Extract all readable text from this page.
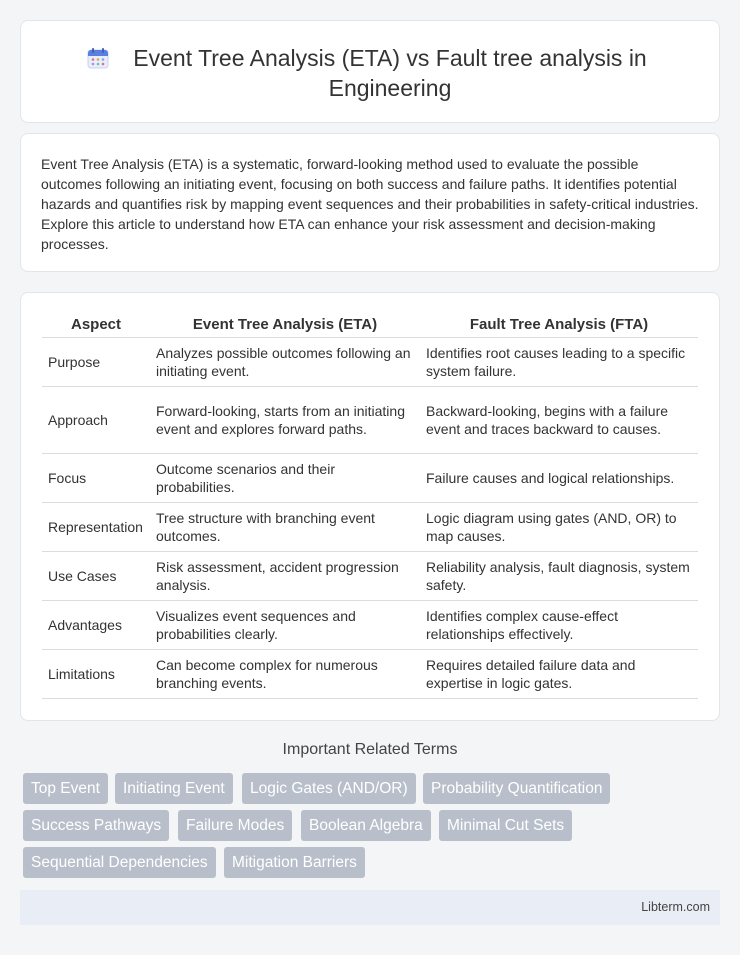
Event Tree Analysis (ETA) vs Fault tree analysis in Engineering

Event Tree Analysis (ETA) is a systematic, forward-looking method used to evaluate the possible outcomes following an initiating event, focusing on both success and failure paths. It identifies potential hazards and quantifies risk by mapping event sequences and their probabilities in safety-critical industries. Explore this article to understand how ETA can enhance your risk assessment and decision-making processes.

Aspect	Event Tree Analysis (ETA)	Fault Tree Analysis (FTA)
Purpose	Analyzes possible outcomes following an initiating event.	Identifies root causes leading to a specific system failure.
Approach	Forward-looking, starts from an initiating event and explores forward paths.	Backward-looking, begins with a failure event and traces backward to causes.
Focus	Outcome scenarios and their probabilities.	Failure causes and logical relationships.
Representation	Tree structure with branching event outcomes.	Logic diagram using gates (AND, OR) to map causes.
Use Cases	Risk assessment, accident progression analysis.	Reliability analysis, fault diagnosis, system safety.
Advantages	Visualizes event sequences and probabilities clearly.	Identifies complex cause-effect relationships effectively.
Limitations	Can become complex for numerous branching events.	Requires detailed failure data and expertise in logic gates.
Important Related Terms
Top Event	Initiating Event	Logic Gates (AND/OR)	Probability Quantification
Success Pathways	Failure Modes	Boolean Algebra	Minimal Cut Sets
Sequential Dependencies	Mitigation Barriers
Libterm.com
